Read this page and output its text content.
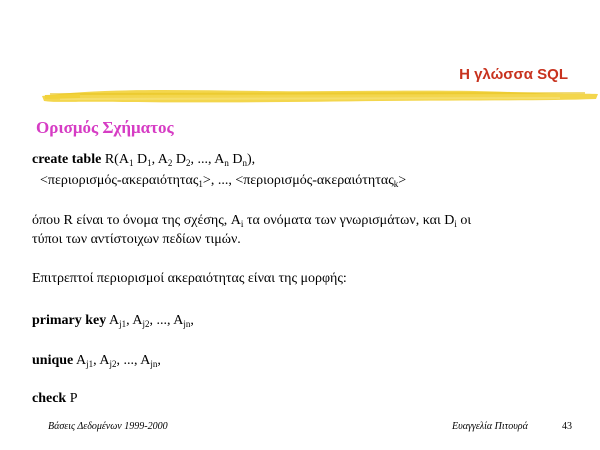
Η γλώσσα SQL
Ορισμός Σχήματος
create table $R(A_1$ $D_1$, $A_2$ $D_2$, ..., $A_n$ $D_n$),
<περιορισμός-ακεραιότητας$_1$>, ..., <περιορισμός-ακεραιότητας$_k$>
όπου R είναι το όνομα της σχέσης, $A_i$ τα ονόματα των γνωρισμάτων, και $D_i$ οι
τύποι των αντίστοιχων πεδίων τιμών.
Επιτρεπτοί περιορισμοί ακεραιότητας είναι της μορφής:
primary key $A_{j1}$, $A_{j2}$, ..., $A_{jn}$,
unique $A_{j1}$, $A_{j2}$, ..., $A_{jn}$,
check P
Βάσεις Δεδομένων 1999-2000	Ευαγγελία Πιτουρά	43
